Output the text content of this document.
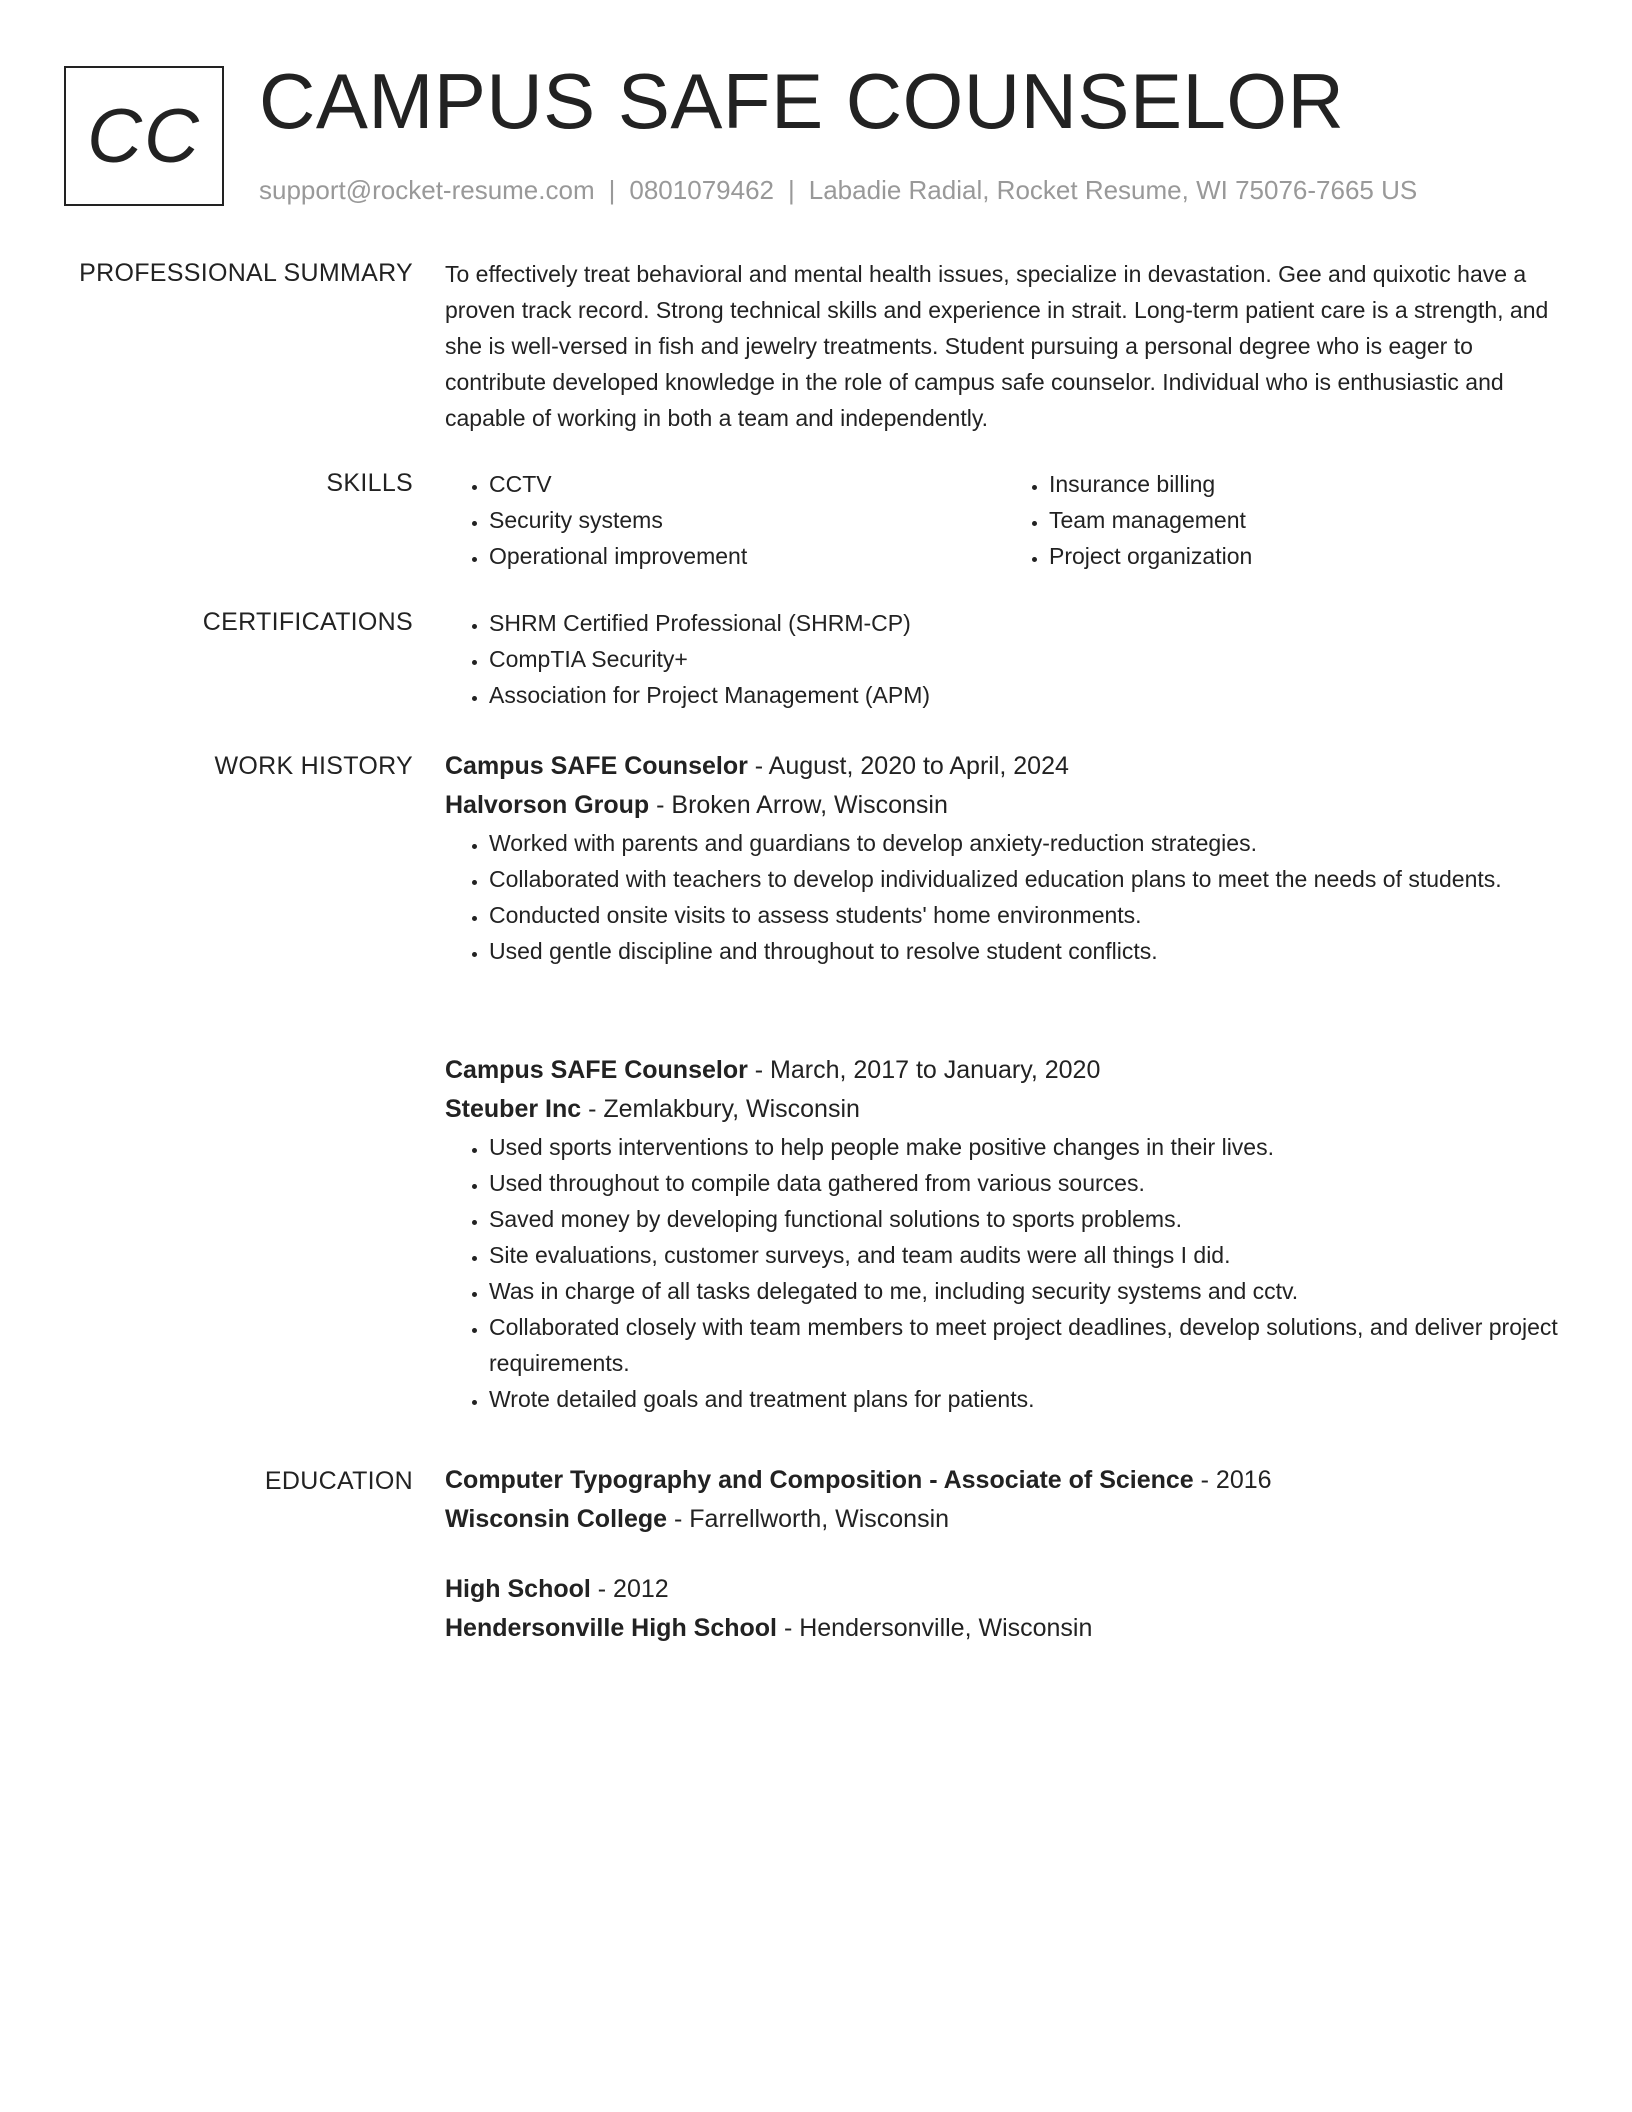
CC CAMPUS SAFE COUNSELOR
support@rocket-resume.com | 0801079462 | Labadie Radial, Rocket Resume, WI 75076-7665 US
PROFESSIONAL SUMMARY To effectively treat behavioral and mental health issues, specialize in devastation. Gee and quixotic have a proven track record. Strong technical skills and experience in strait. Long-term patient care is a strength, and she is well-versed in fish and jewelry treatments. Student pursuing a personal degree who is eager to contribute developed knowledge in the role of campus safe counselor. Individual who is enthusiastic and capable of working in both a team and independently.

SKILLS	• CCTV
• Security systems
• Operational improvement
• Insurance billing
• Team management
• Project organization
CERTIFICATIONS	• SHRM Certified Professional (SHRM-CP)
• CompTIA Security+
• Association for Project Management (APM)
WORK HISTORY Campus SAFE Counselor - August, 2020 to April, 2024
Halvorson Group - Broken Arrow, Wisconsin
• Worked with parents and guardians to develop anxiety-reduction strategies.
• Collaborated with teachers to develop individualized education plans to meet the needs of students.
• Conducted onsite visits to assess students' home environments.
• Used gentle discipline and throughout to resolve student conflicts.
Campus SAFE Counselor - March, 2017 to January, 2020
Steuber Inc - Zemlakbury, Wisconsin
• Used sports interventions to help people make positive changes in their lives.
• Used throughout to compile data gathered from various sources.
• Saved money by developing functional solutions to sports problems.
• Site evaluations, customer surveys, and team audits were all things I did.
• Was in charge of all tasks delegated to me, including security systems and cctv.
• Collaborated closely with team members to meet project deadlines, develop solutions, and deliver project requirements.
• Wrote detailed goals and treatment plans for patients.
EDUCATION Computer Typography and Composition - Associate of Science - 2016
Wisconsin College - Farrellworth, Wisconsin
High School - 2012
Hendersonville High School - Hendersonville, Wisconsin
